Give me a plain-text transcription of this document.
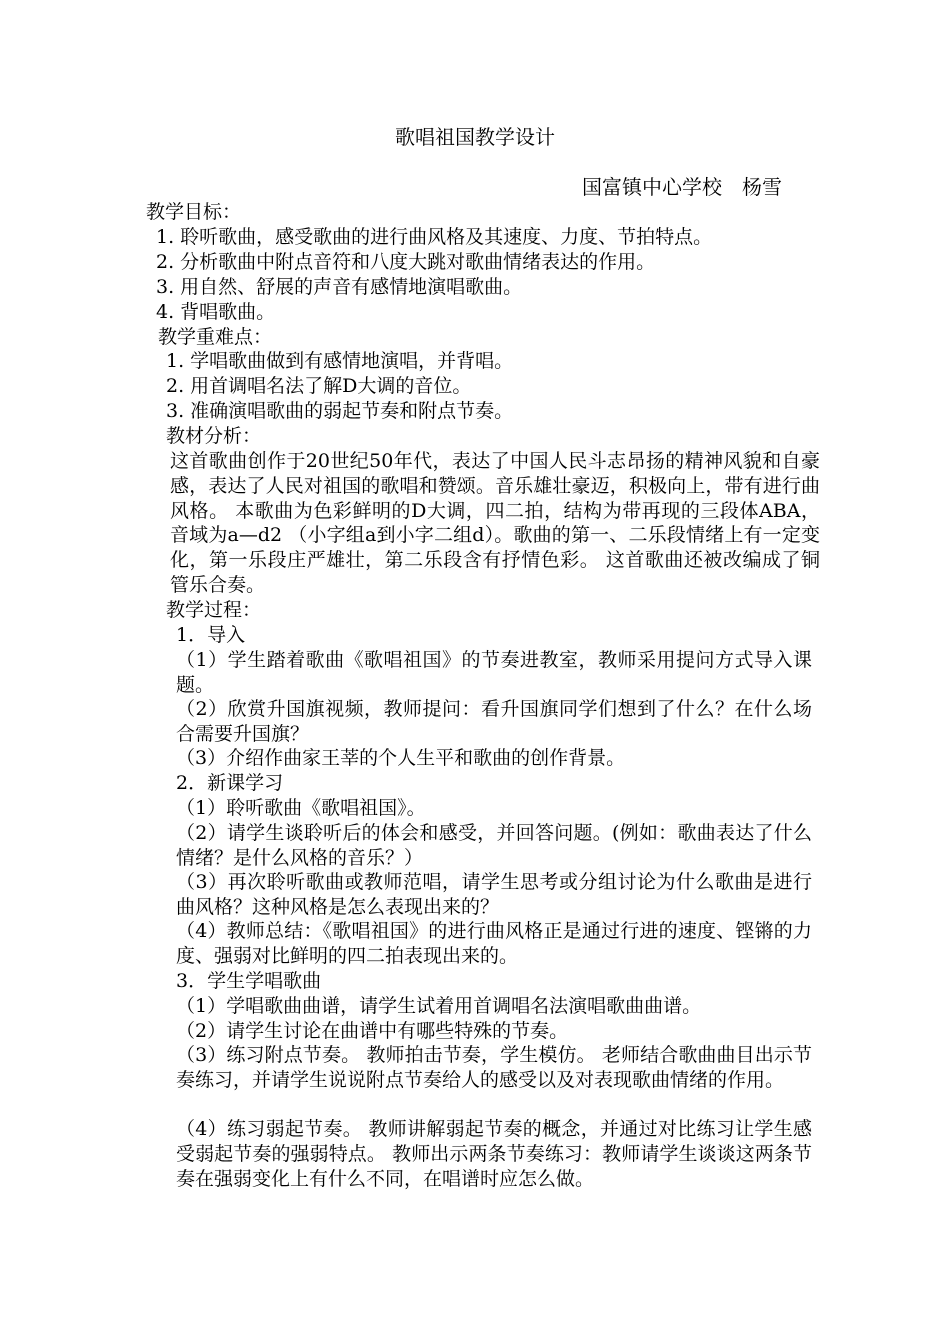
歌唱祖国教学设计
国富镇中心学校　杨雪
教学目标：
1. 聆听歌曲，感受歌曲的进行曲风格及其速度、力度、节拍特点。
2. 分析歌曲中附点音符和八度大跳对歌曲情绪表达的作用。
3. 用自然、舒展的声音有感情地演唱歌曲。
4. 背唱歌曲。
教学重难点：
1. 学唱歌曲做到有感情地演唱，并背唱。
2. 用首调唱名法了解D大调的音位。
3. 准确演唱歌曲的弱起节奏和附点节奏。
教材分析：
这首歌曲创作于20世纪50年代，表达了中国人民斗志昂扬的精神风貌和自豪感，表达了人民对祖国的歌唱和赞颂。音乐雄壮豪迈，积极向上，带有进行曲风格。 本歌曲为色彩鲜明的D大调，四二拍，结构为带再现的三段体ABA，音域为a—d2 （小字组a到小字二组d）。歌曲的第一、二乐段情绪上有一定变化，第一乐段庄严雄壮，第二乐段含有抒情色彩。 这首歌曲还被改编成了铜管乐合奏。
教学过程：
1．导入
（1）学生踏着歌曲《歌唱祖国》的节奏进教室，教师采用提问方式导入课题。
（2）欣赏升国旗视频，教师提问：看升国旗同学们想到了什么？在什么场合需要升国旗？
（3）介绍作曲家王莘的个人生平和歌曲的创作背景。
2．新课学习
（1）聆听歌曲《歌唱祖国》。
（2）请学生谈聆听后的体会和感受，并回答问题。(例如：歌曲表达了什么情绪？是什么风格的音乐？）
（3）再次聆听歌曲或教师范唱，请学生思考或分组讨论为什么歌曲是进行曲风格？这种风格是怎么表现出来的？
（4）教师总结：《歌唱祖国》的进行曲风格正是通过行进的速度、铿锵的力度、强弱对比鲜明的四二拍表现出来的。
3．学生学唱歌曲
（1）学唱歌曲曲谱，请学生试着用首调唱名法演唱歌曲曲谱。
（2）请学生讨论在曲谱中有哪些特殊的节奏。
（3）练习附点节奏。 教师拍击节奏，学生模仿。 老师结合歌曲曲目出示节奏练习，并请学生说说附点节奏给人的感受以及对表现歌曲情绪的作用。
（4）练习弱起节奏。 教师讲解弱起节奏的概念，并通过对比练习让学生感受弱起节奏的强弱特点。 教师出示两条节奏练习：教师请学生谈谈这两条节奏在强弱变化上有什么不同，在唱谱时应怎么做。
